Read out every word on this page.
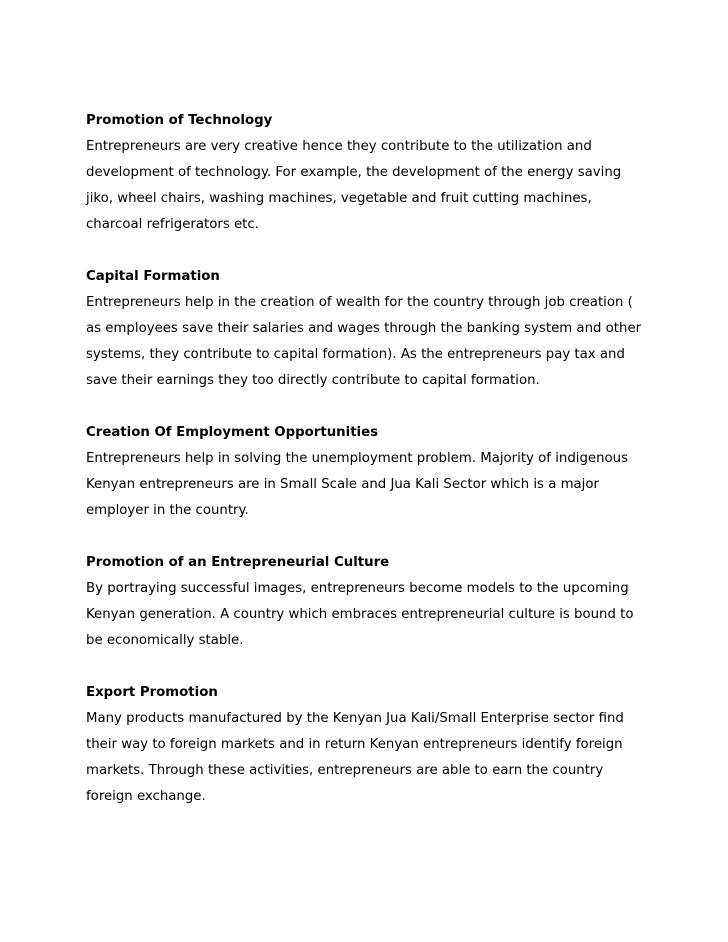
Promotion of Technology
Entrepreneurs are very creative hence they contribute to the utilization and
development of technology. For example, the development of the energy saving
jiko, wheel chairs, washing machines, vegetable and fruit cutting machines,
charcoal refrigerators etc.
Capital Formation
Entrepreneurs help in the creation of wealth for the country through job creation (
as employees save their salaries and wages through the banking system and other
systems, they contribute to capital formation). As the entrepreneurs pay tax and
save their earnings they too directly contribute to capital formation.
Creation Of Employment Opportunities
Entrepreneurs help in solving the unemployment problem. Majority of indigenous
Kenyan entrepreneurs are in Small Scale and Jua Kali Sector which is a major
employer in the country.
Promotion of an Entrepreneurial Culture
By portraying successful images, entrepreneurs become models to the upcoming
Kenyan generation. A country which embraces entrepreneurial culture is bound to
be economically stable.
Export Promotion
Many products manufactured by the Kenyan Jua Kali/Small Enterprise sector find
their way to foreign markets and in return Kenyan entrepreneurs identify foreign
markets. Through these activities, entrepreneurs are able to earn the country
foreign exchange.
